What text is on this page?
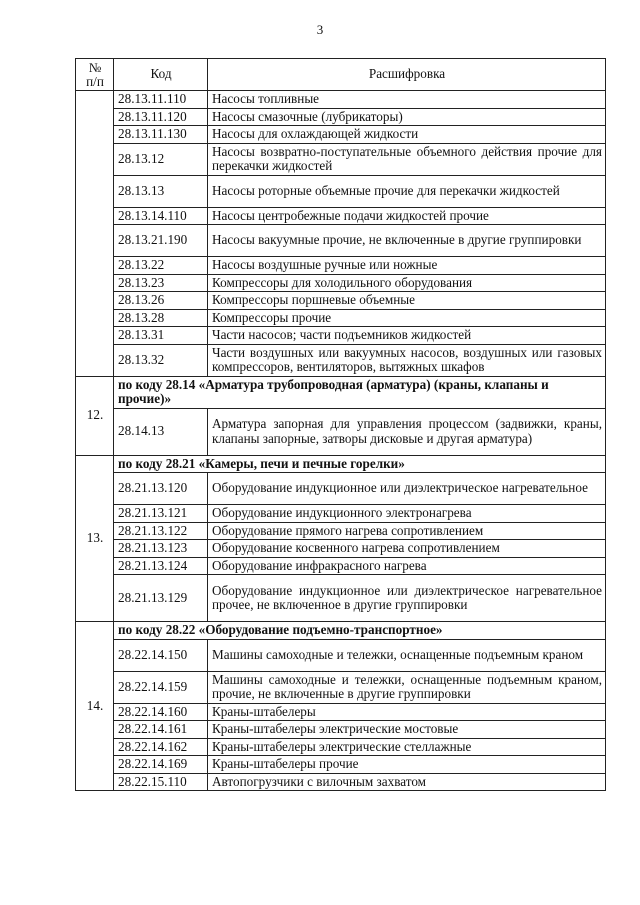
3
№
п/п	Код	Расшифровка
	28.13.11.110	Насосы топливные
	28.13.11.120	Насосы смазочные (лубрикаторы)
	28.13.11.130	Насосы для охлаждающей жидкости
	28.13.12	Насосы возвратно-поступательные объемного действия прочие для перекачки жидкостей
	28.13.13	Насосы роторные объемные прочие для перекачки жидкостей
	28.13.14.110	Насосы центробежные подачи жидкостей прочие
	28.13.21.190	Насосы вакуумные прочие, не включенные в другие группировки
	28.13.22	Насосы воздушные ручные или ножные
	28.13.23	Компрессоры для холодильного оборудования
	28.13.26	Компрессоры поршневые объемные
	28.13.28	Компрессоры прочие
	28.13.31	Части насосов; части подъемников жидкостей
	28.13.32	Части воздушных или вакуумных насосов, воздушных или газовых компрессоров, вентиляторов, вытяжных шкафов
12.	по коду 28.14 «Арматура трубопроводная (арматура) (краны, клапаны и прочие)»	
	28.14.13	Арматура запорная для управления процессом (задвижки, краны, клапаны запорные, затворы дисковые и другая арматура)
13.	по коду 28.21 «Камеры, печи и печные горелки»	
	28.21.13.120	Оборудование индукционное или диэлектрическое нагревательное
	28.21.13.121	Оборудование индукционного электронагрева
	28.21.13.122	Оборудование прямого нагрева сопротивлением
	28.21.13.123	Оборудование косвенного нагрева сопротивлением
	28.21.13.124	Оборудование инфракрасного нагрева
	28.21.13.129	Оборудование индукционное или диэлектрическое нагревательное прочее, не включенное в другие группировки
14.	по коду 28.22 «Оборудование подъемно-транспортное»	
	28.22.14.150	Машины самоходные и тележки, оснащенные подъемным краном
	28.22.14.159	Машины самоходные и тележки, оснащенные подъемным краном, прочие, не включенные в другие группировки
	28.22.14.160	Краны-штабелеры
	28.22.14.161	Краны-штабелеры электрические мостовые
	28.22.14.162	Краны-штабелеры электрические стеллажные
	28.22.14.169	Краны-штабелеры прочие
	28.22.15.110	Автопогрузчики с вилочным захватом
